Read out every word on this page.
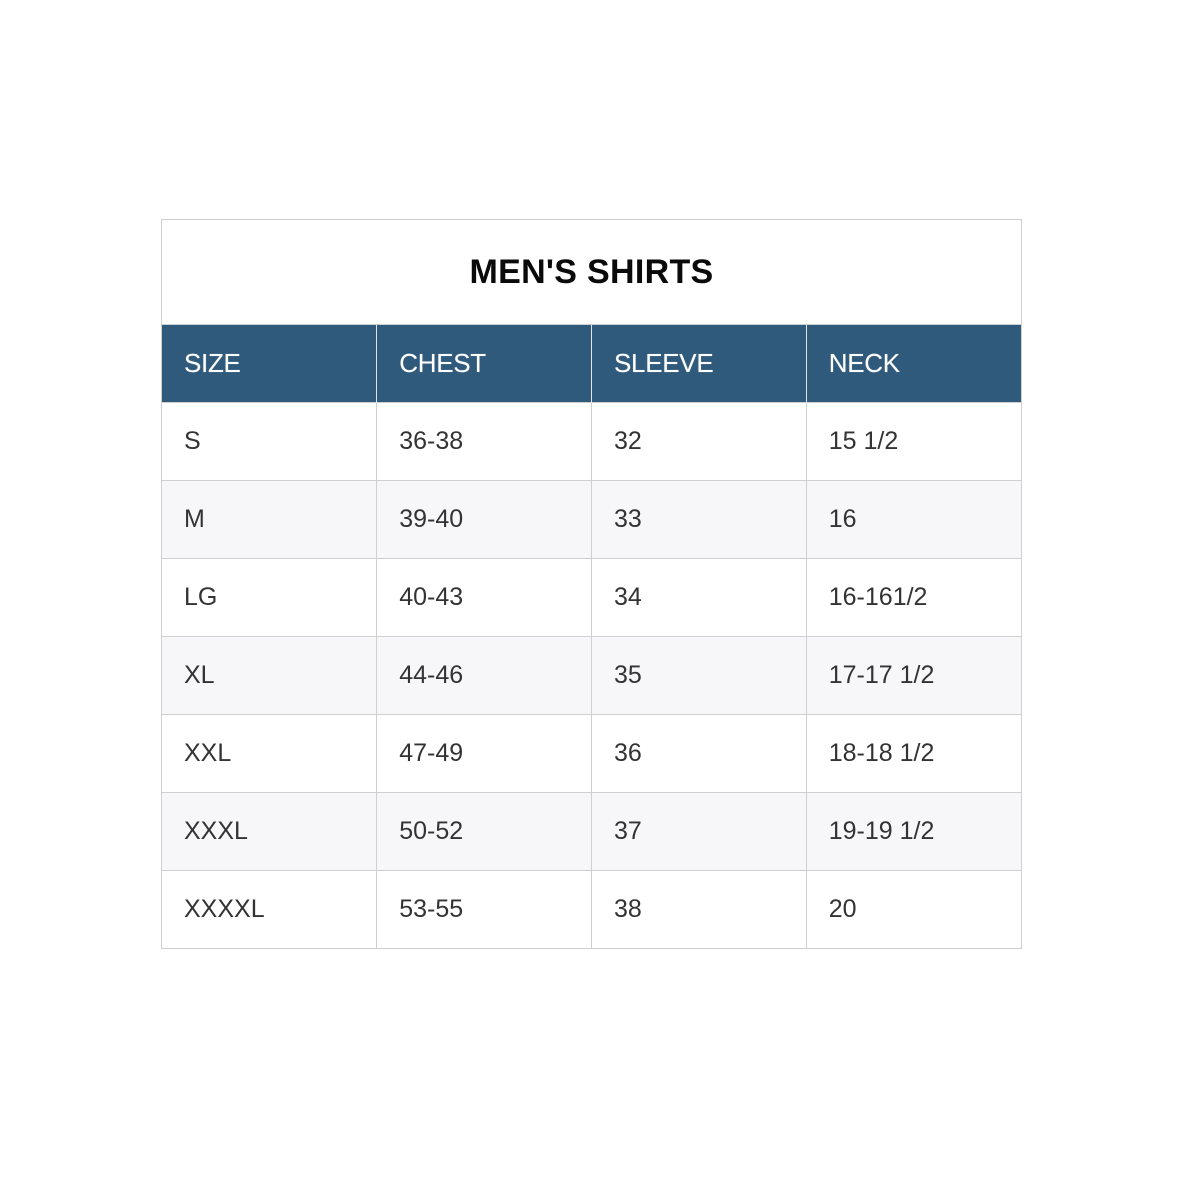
MEN'S SHIRTS
SIZE	CHEST	SLEEVE	NECK
S	36-38	32	15 1/2
M	39-40	33	16
LG	40-43	34	16-161/2
XL	44-46	35	17-17 1/2
XXL	47-49	36	18-18 1/2
XXXL	50-52	37	19-19 1/2
XXXXL	53-55	38	20
